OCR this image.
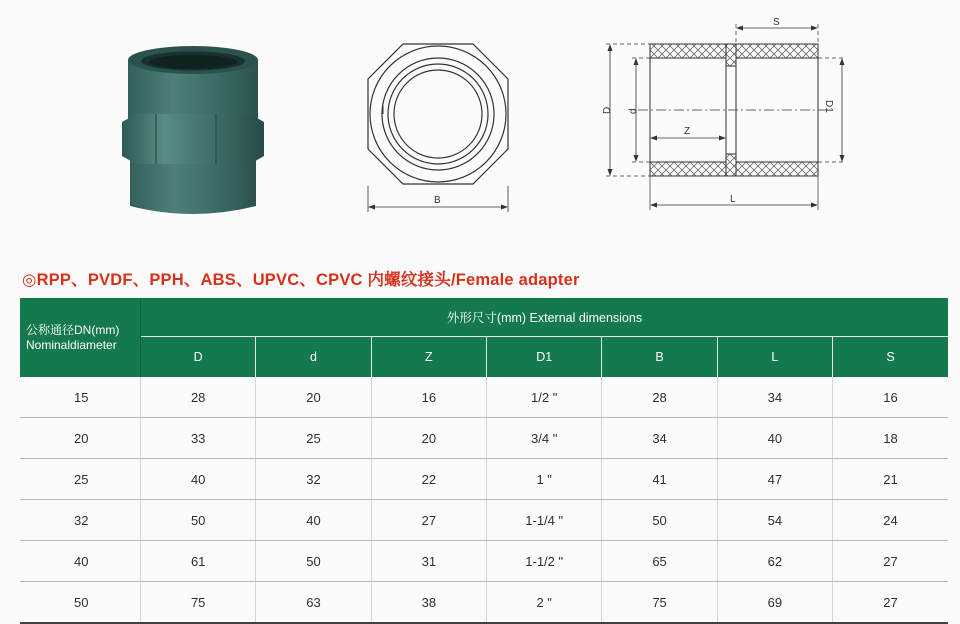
B
D d	D1
Z
S
L
◎RPP、PVDF、PPH、ABS、UPVC、CPVC 内螺纹接头/Female adapter
公称通径DN(mm)
Nominaldiameter	外形尺寸(mm) External dimensions						
	D	d	Z	D1	B	L	S
15	28	20	16	1/2 "	28	34	16
20	33	25	20	3/4 "	34	40	18
25	40	32	22	1 "	41	47	21
32	50	40	27	1-1/4 "	50	54	24
40	61	50	31	1-1/2 "	65	62	27
50	75	63	38	2 "	75	69	27
